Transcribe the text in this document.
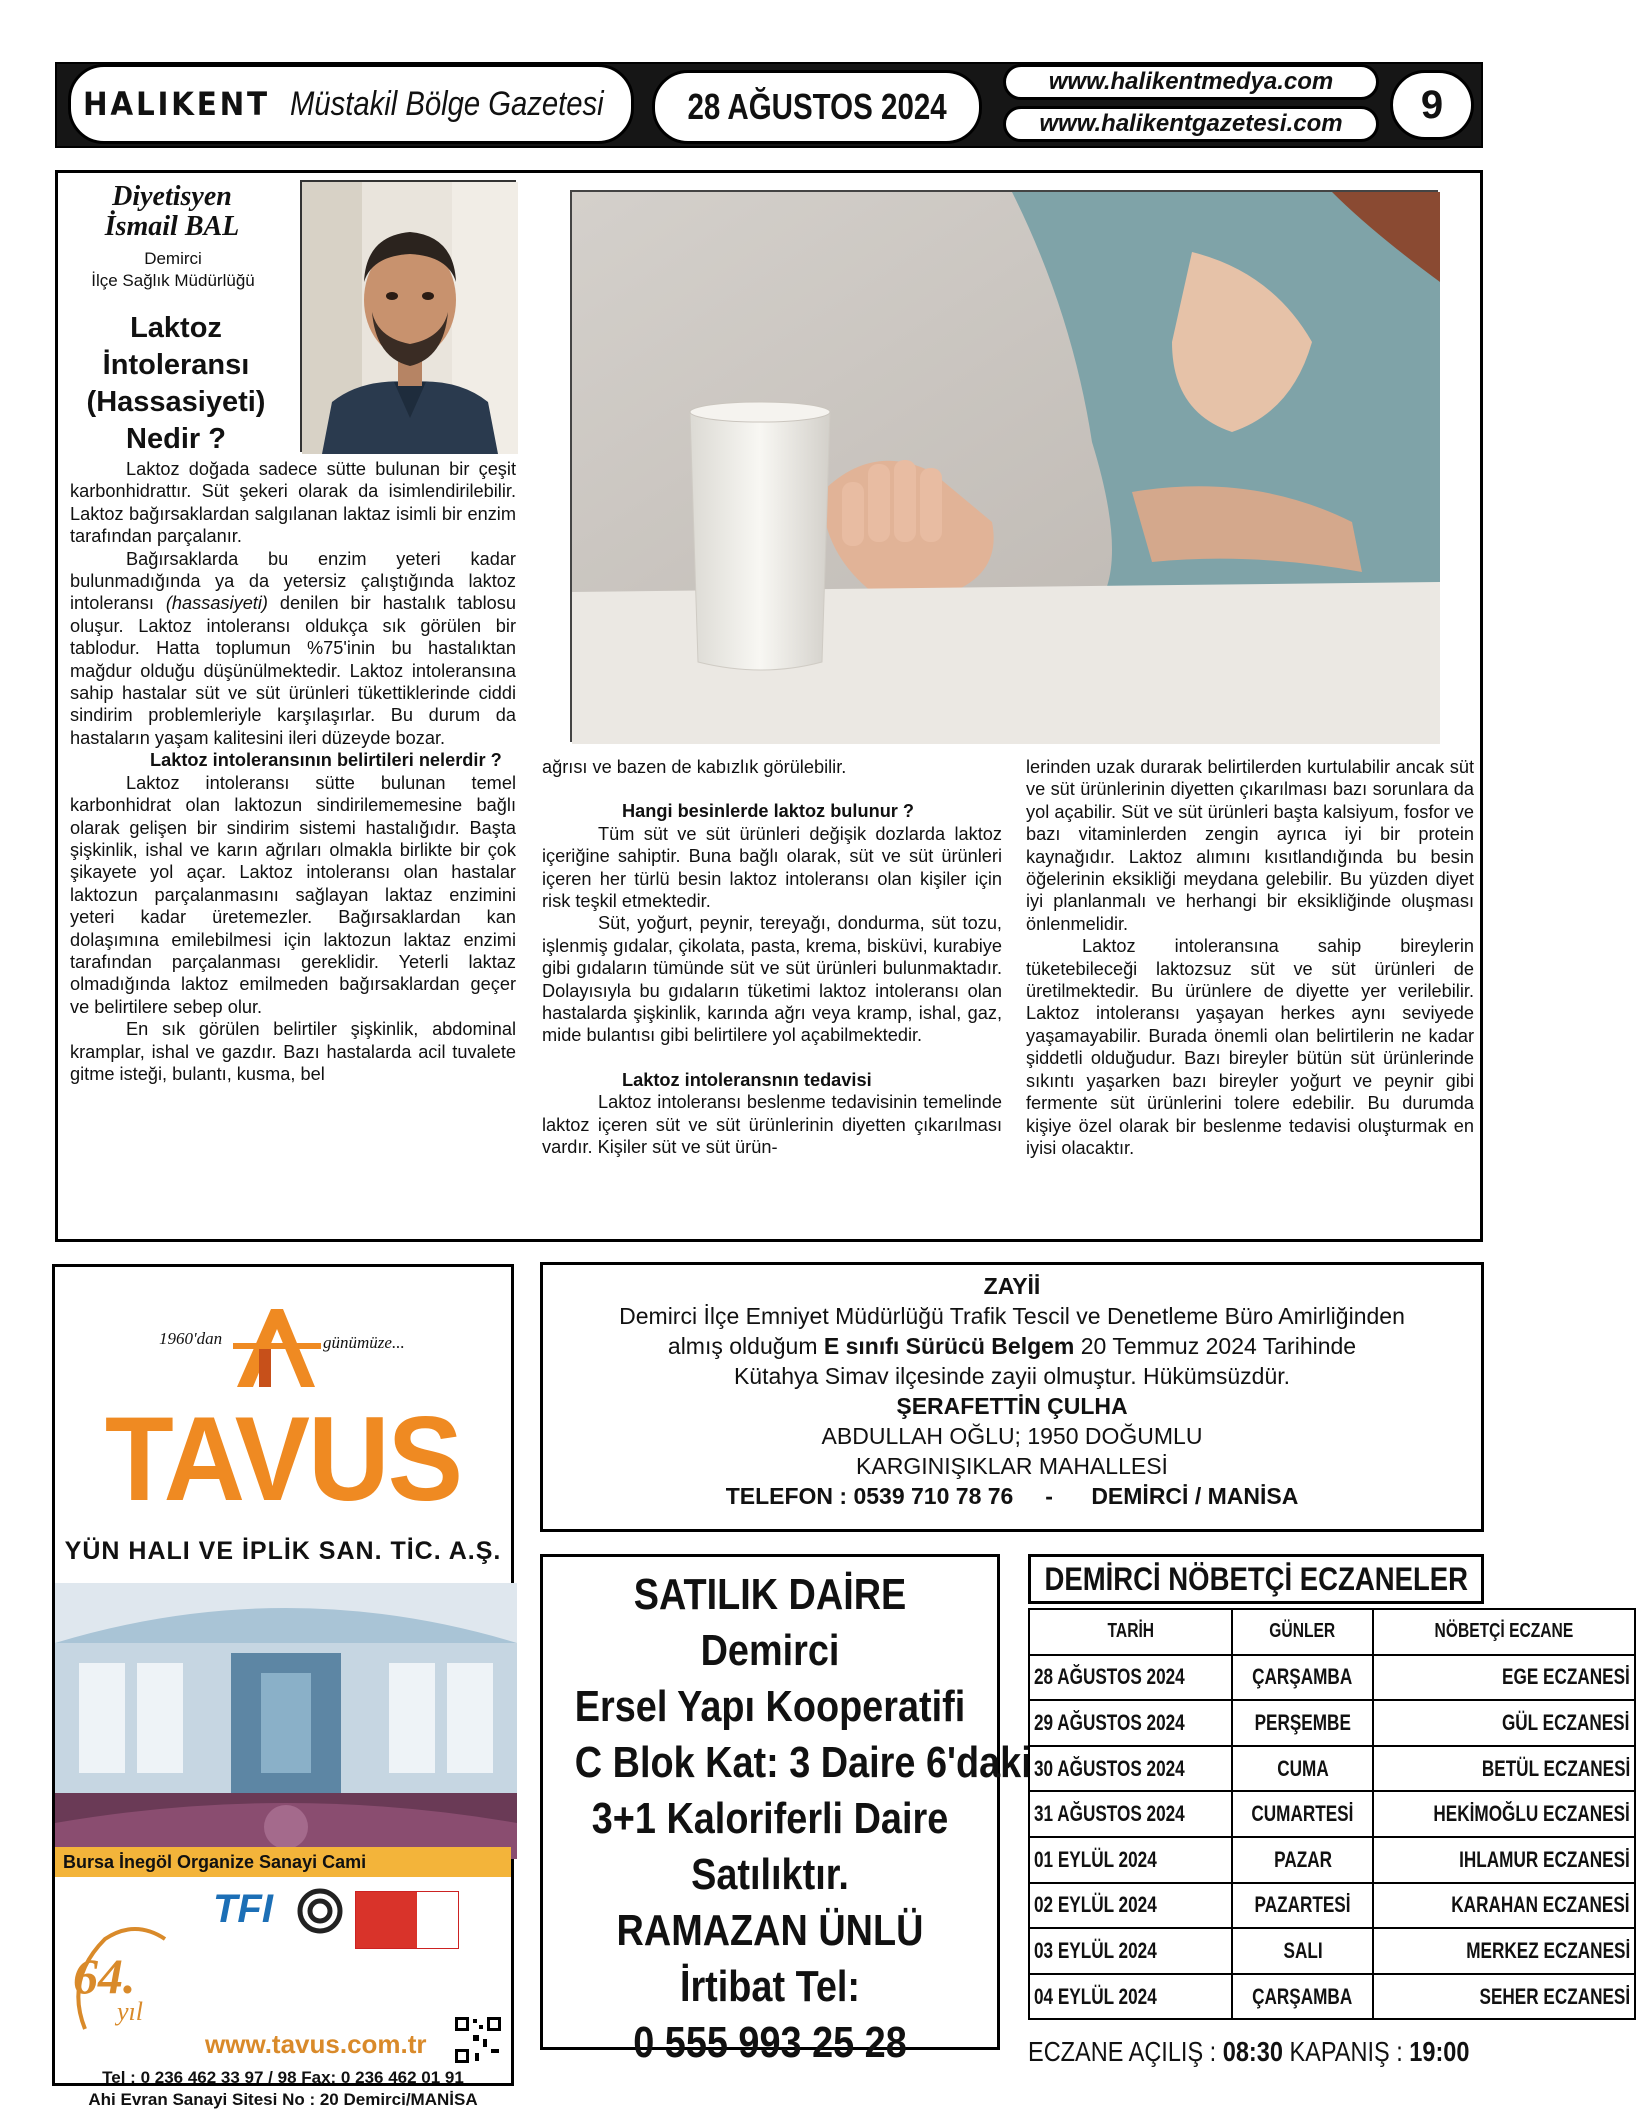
HALIKENT Müstakil Bölge Gazetesi 28 AĞUSTOS 2024
www.halikentmedya.com
www.halikentgazetesi.com	9
Diyetisyen
İsmail BAL
Demirci
İlçe Sağlık Müdürlüğü
Laktoz İntoleransı (Hassasiyeti) Nedir ?

Laktoz doğada sadece sütte bulunan bir çeşit karbonhidrattır. Süt şekeri olarak da isimlendirilebilir. Laktoz bağırsaklardan salgılanan laktaz isimli bir enzim tarafından parçalanır.

Bağırsaklarda bu enzim yeteri kadar bulunmadığında ya da yetersiz çalıştığında laktoz intoleransı (hassasiyeti) denilen bir hastalık tablosu oluşur. Laktoz intoleransı oldukça sık görülen bir tablodur. Hatta toplumun %75'inin bu hastalıktan mağdur olduğu düşünülmektedir. Laktoz intoleransına sahip hastalar süt ve süt ürünleri tükettiklerinde ciddi sindirim problemleriyle karşılaşırlar. Bu durum da hastaların yaşam kalitesini ileri düzeyde bozar.

Laktoz intoleransının belirtileri nelerdir ?

Laktoz intoleransı sütte bulunan temel karbonhidrat olan laktozun sindirilememesine bağlı olarak gelişen bir sindirim sistemi hastalığıdır. Başta şişkinlik, ishal ve karın ağrıları olmakla birlikte bir çok şikayete yol açar. Laktoz intoleransı olan hastalar laktozun parçalanmasını sağlayan laktaz enzimini yeteri kadar üretemezler. Bağırsaklardan kan dolaşımına emilebilmesi için laktozun laktaz enzimi tarafından parçalanması gereklidir. Yeterli laktaz olmadığında laktoz emilmeden bağırsaklardan geçer ve belirtilere sebep olur.

En sık görülen belirtiler şişkinlik, abdominal kramplar, ishal ve gazdır. Bazı hastalarda acil tuvalete gitme isteği, bulantı, kusma, bel

ağrısı ve bazen de kabızlık görülebilir.

Hangi besinlerde laktoz bulunur ?

Tüm süt ve süt ürünleri değişik dozlarda laktoz içeriğine sahiptir. Buna bağlı olarak, süt ve süt ürünleri içeren her türlü besin laktoz intoleransı olan kişiler için risk teşkil etmektedir.

Süt, yoğurt, peynir, tereyağı, dondurma, süt tozu, işlenmiş gıdalar, çikolata, pasta, krema, bisküvi, kurabiye gibi gıdaların tümünde süt ve süt ürünleri bulunmaktadır. Dolayısıyla bu gıdaların tüketimi laktoz intoleransı olan hastalarda şişkinlik, karında ağrı veya kramp, ishal, gaz, mide bulantısı gibi belirtilere yol açabilmektedir.

Laktoz intoleransnın tedavisi

Laktoz intoleransı beslenme tedavisinin temelinde laktoz içeren süt ve süt ürünlerinin diyetten çıkarılması vardır. Kişiler süt ve süt ürün-

lerinden uzak durarak belirtilerden kurtulabilir ancak süt ve süt ürünlerinin diyetten çıkarılması bazı sorunlara da yol açabilir. Süt ve süt ürünleri başta kalsiyum, fosfor ve bazı vitaminlerden zengin ayrıca iyi bir protein kaynağıdır. Laktoz alımını kısıtlandığında bu besin öğelerinin eksikliği meydana gelebilir. Bu yüzden diyet iyi planlanmalı ve herhangi bir eksikliğinde oluşması önlenmelidir.

Laktoz intoleransına sahip bireylerin tüketebileceği laktozsuz süt ve süt ürünleri de üretilmektedir. Bu ürünlere de diyette yer verilebilir. Laktoz intoleransı yaşayan herkes aynı seviyede yaşamayabilir. Burada önemli olan belirtilerin ne kadar şiddetli olduğudur. Bazı bireyler bütün süt ürünlerinde sıkıntı yaşarken bazı bireyler yoğurt ve peynir gibi fermente süt ürünlerini tolere edebilir. Bu durumda kişiye özel olarak bir beslenme tedavisi oluşturmak en iyisi olacaktır.

1960'dan	günümüze...
TAVUS
YÜN HALI VE İPLİK SAN. TİC. A.Ş.
Bursa İnegöl Organize Sanayi Cami
64.
yıl
TFI
www.tavus.com.tr
Tel : 0 236 462 33 97 / 98 Fax: 0 236 462 01 91
Ahi Evran Sanayi Sitesi No : 20 Demirci/MANİSA
ZAYİİ
Demirci İlçe Emniyet Müdürlüğü Trafik Tescil ve Denetleme Büro Amirliğinden
almış olduğum E sınıfı Sürücü Belgem 20 Temmuz 2024 Tarihinde
Kütahya Simav ilçesinde zayii olmuştur. Hükümsüzdür.
ŞERAFETTİN ÇULHA
ABDULLAH OĞLU; 1950 DOĞUMLU
KARGINIŞIKLAR MAHALLESİ
TELEFON : 0539 710 78 76 - DEMİRCİ / MANİSA
SATILIK DAİRE
Demirci
Ersel Yapı Kooperatifi
C Blok Kat: 3 Daire 6'daki
3+1 Kaloriferli Daire
Satılıktır.
RAMAZAN ÜNLÜ
İrtibat Tel:
0 555 993 25 28
DEMİRCİ NÖBETÇİ ECZANELER
TARİH	GÜNLER	NÖBETÇİ ECZANE
28 AĞUSTOS 2024	ÇARŞAMBA	EGE ECZANESİ
29 AĞUSTOS 2024	PERŞEMBE	GÜL ECZANESİ
30 AĞUSTOS 2024	CUMA	BETÜL ECZANESİ
31 AĞUSTOS 2024	CUMARTESİ	HEKİMOĞLU ECZANESİ
01 EYLÜL 2024	PAZAR	IHLAMUR ECZANESİ
02 EYLÜL 2024	PAZARTESİ	KARAHAN ECZANESİ
03 EYLÜL 2024	SALI	MERKEZ ECZANESİ
04 EYLÜL 2024	ÇARŞAMBA	SEHER ECZANESİ
ECZANE AÇILIŞ : 08:30 KAPANIŞ : 19:00
